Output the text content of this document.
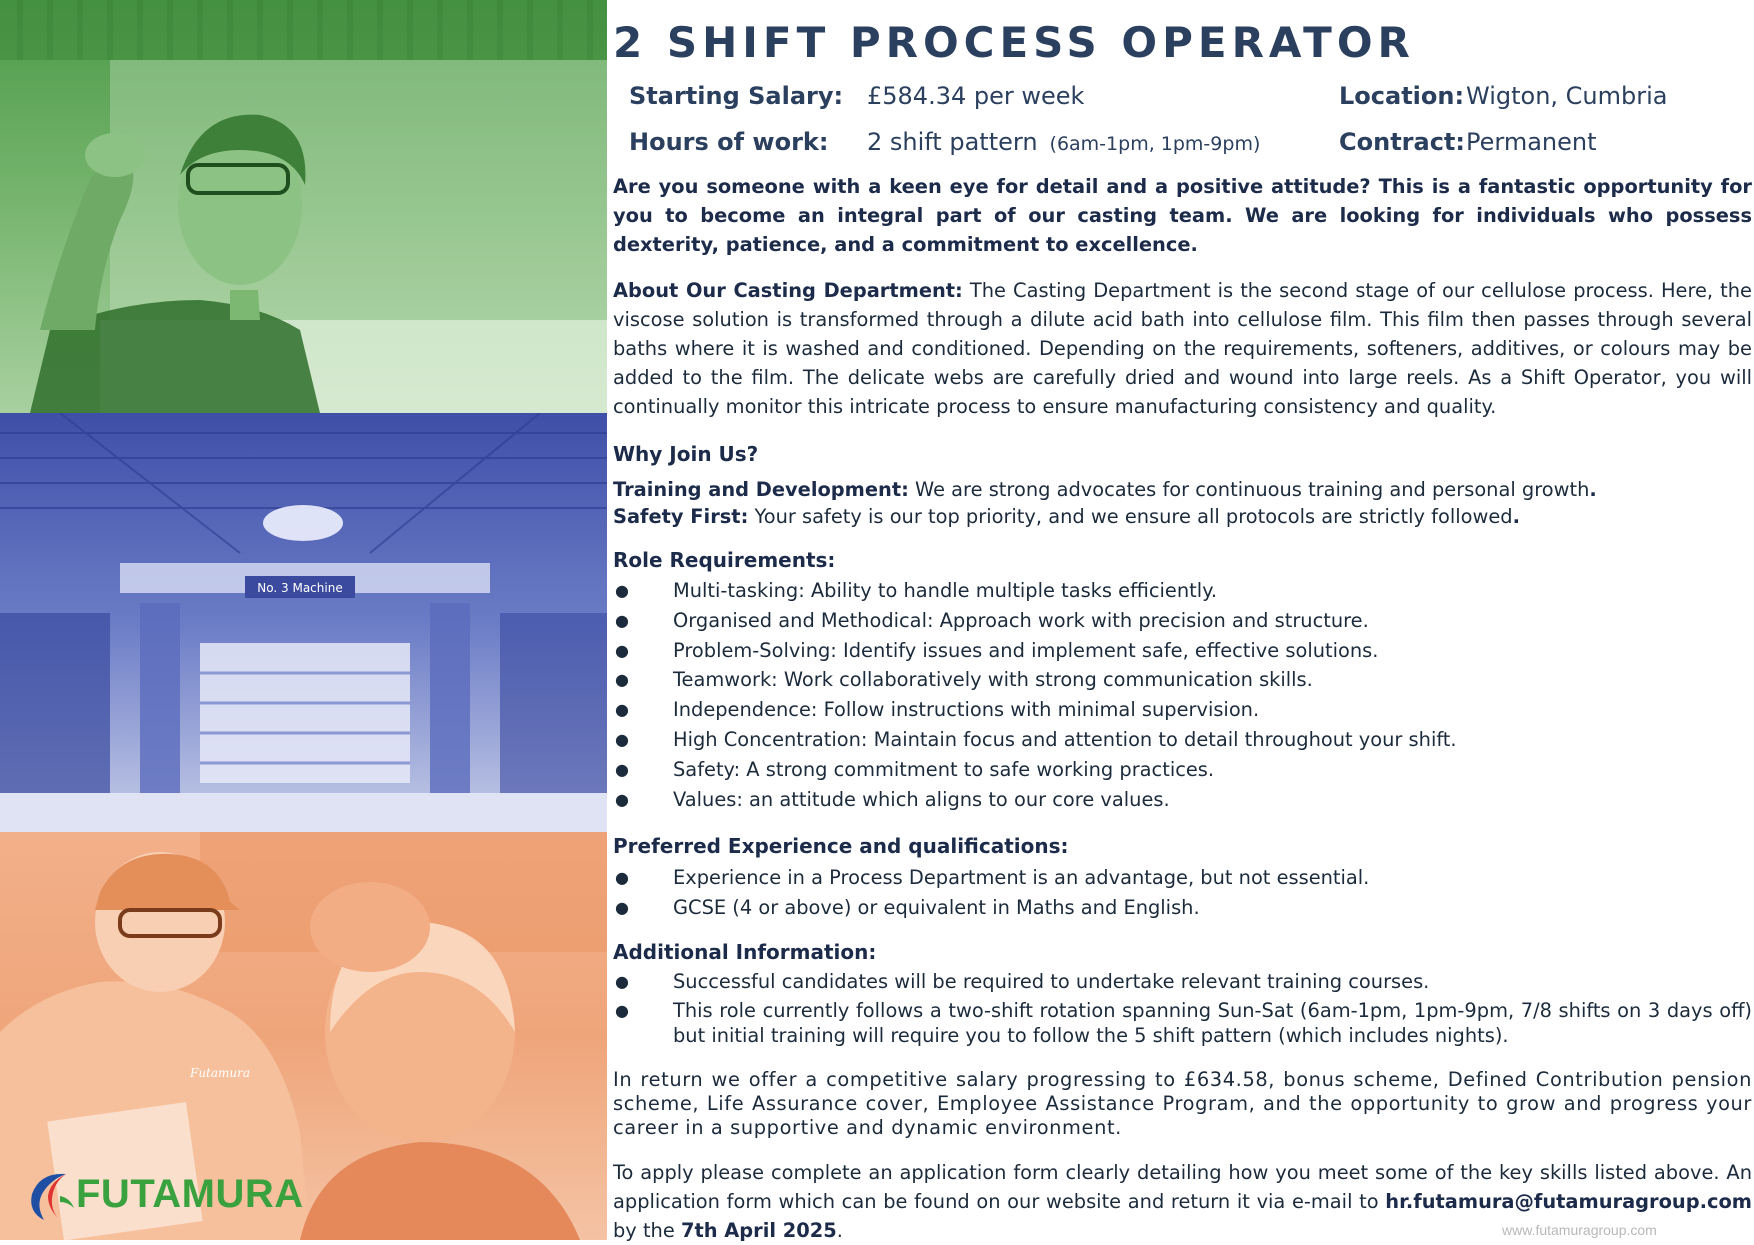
No. 3 Machine
Futamura
FUTAMURA
2 SHIFT PROCESS OPERATOR
Starting Salary: £584.34 per week
Hours of work: 2 shift pattern (6am-1pm, 1pm-9pm)
Location: Wigton, Cumbria
Contract: Permanent

Are you someone with a keen eye for detail and a positive attitude? This is a fantastic opportunity for you to become an integral part of our casting team. We are looking for individuals who possess dexterity, patience, and a commitment to excellence.

About Our Casting Department: The Casting Department is the second stage of our cellulose process. Here, the viscose solution is transformed through a dilute acid bath into cellulose film. This film then passes through several baths where it is washed and conditioned. Depending on the requirements, softeners, additives, or colours may be added to the film. The delicate webs are carefully dried and wound into large reels. As a Shift Operator, you will continually monitor this intricate process to ensure manufacturing consistency and quality.

Why Join Us?
Training and Development: We are strong advocates for continuous training and personal growth.
Safety First: Your safety is our top priority, and we ensure all protocols are strictly followed.
Role Requirements:
● Multi-tasking: Ability to handle multiple tasks efficiently.
● Organised and Methodical: Approach work with precision and structure.
● Problem-Solving: Identify issues and implement safe, effective solutions.
● Teamwork: Work collaboratively with strong communication skills.
● Independence: Follow instructions with minimal supervision.
● High Concentration: Maintain focus and attention to detail throughout your shift.
● Safety: A strong commitment to safe working practices.
● Values: an attitude which aligns to our core values.
Preferred Experience and qualifications:
● Experience in a Process Department is an advantage, but not essential.
● GCSE (4 or above) or equivalent in Maths and English.
Additional Information:
● Successful candidates will be required to undertake relevant training courses.
● This role currently follows a two-shift rotation spanning Sun-Sat (6am-1pm, 1pm-9pm, 7/8 shifts on 3 days off) but initial training will require you to follow the 5 shift pattern (which includes nights).

In return we offer a competitive salary progressing to £634.58, bonus scheme, Defined Contribution pension scheme, Life Assurance cover, Employee Assistance Program, and the opportunity to grow and progress your career in a supportive and dynamic environment.

To apply please complete an application form clearly detailing how you meet some of the key skills listed above. An application form which can be found on our website and return it via e-mail to hr.futamura@futamuragroup.com by the 7th April 2025.	www.futamuragroup.com
